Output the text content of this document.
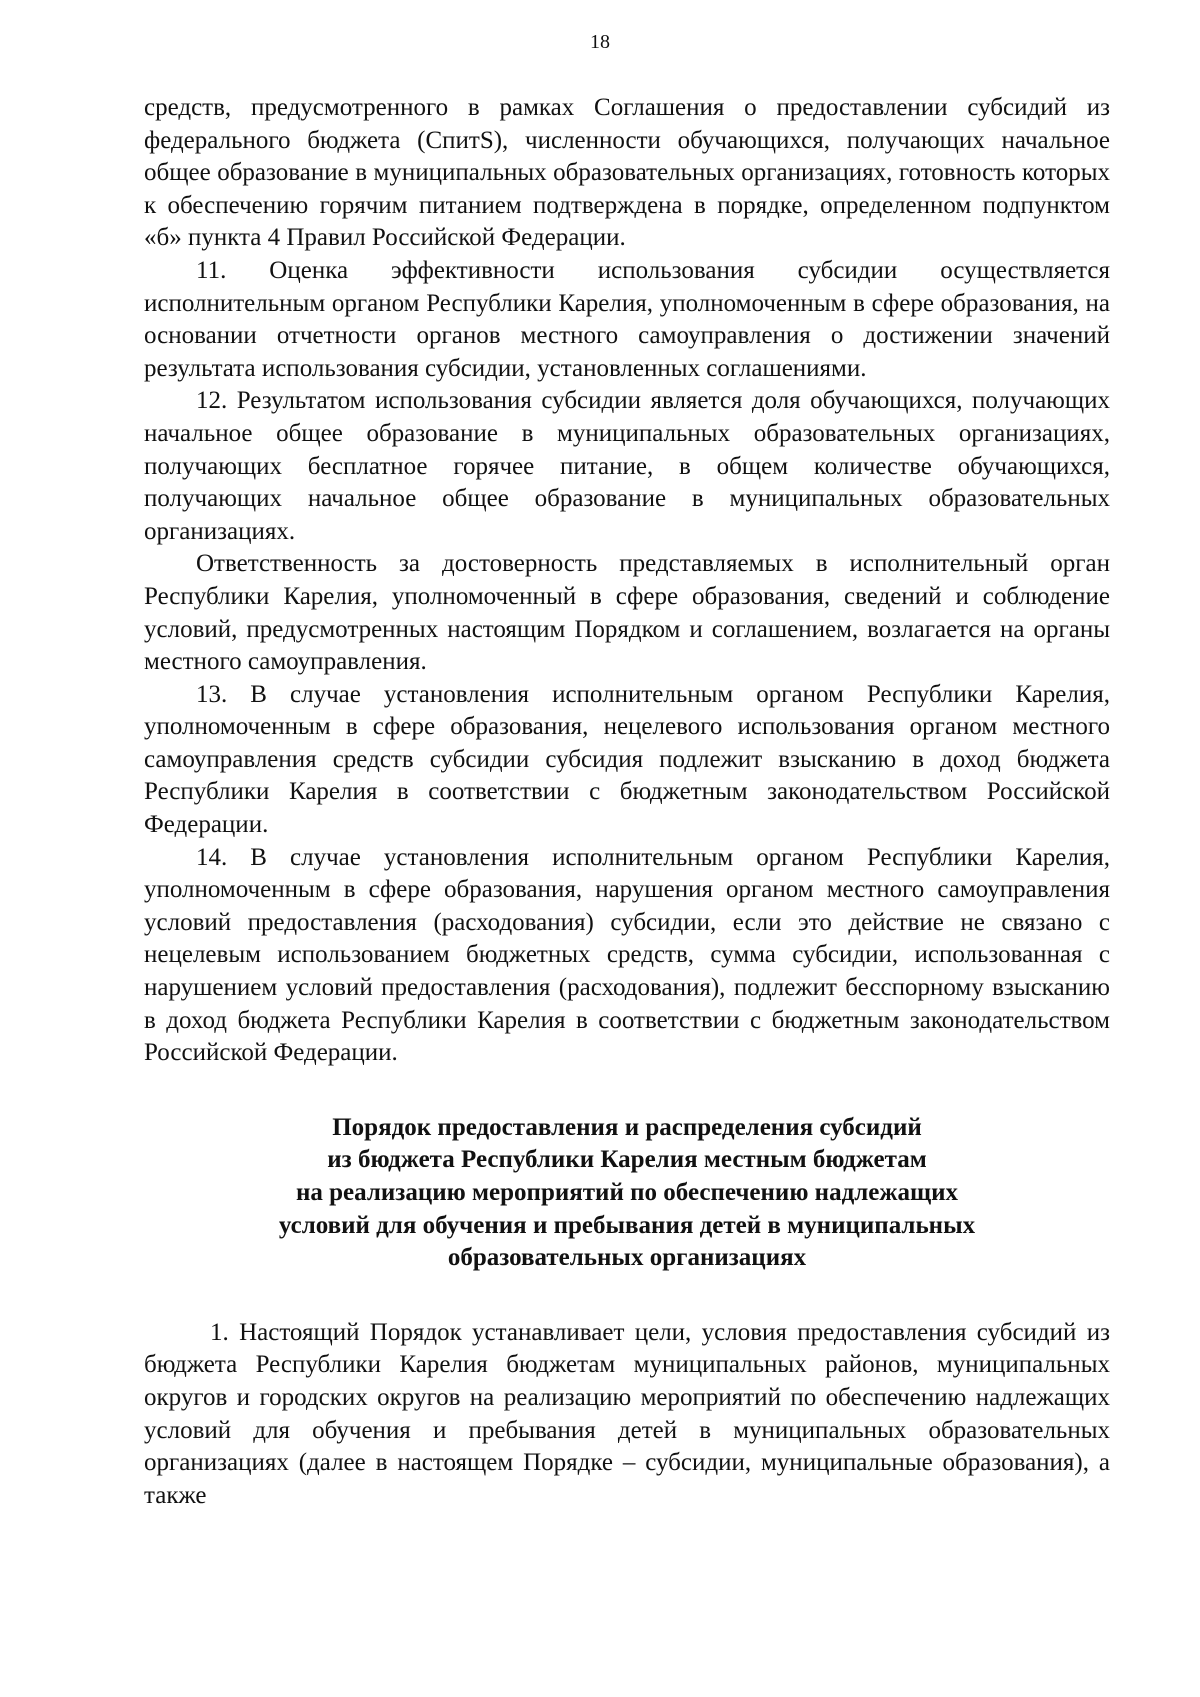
18

средств, предусмотренного в рамках Соглашения о предоставлении субсидий из федерального бюджета (СпитS), численности обучающихся, получающих начальное общее образование в муниципальных образовательных организациях, готовность которых к обеспечению горячим питанием подтверждена в порядке, определенном подпунктом «б» пункта 4 Правил Российской Федерации.

11. Оценка эффективности использования субсидии осуществляется исполнительным органом Республики Карелия, уполномоченным в сфере образования, на основании отчетности органов местного самоуправления о достижении значений результата использования субсидии, установленных соглашениями.

12. Результатом использования субсидии является доля обучающихся, получающих начальное общее образование в муниципальных образовательных организациях, получающих бесплатное горячее питание, в общем количестве обучающихся, получающих начальное общее образование в муниципальных образовательных организациях.

Ответственность за достоверность представляемых в исполнительный орган Республики Карелия, уполномоченный в сфере образования, сведений и соблюдение условий, предусмотренных настоящим Порядком и соглашением, возлагается на органы местного самоуправления.

13. В случае установления исполнительным органом Республики Карелия, уполномоченным в сфере образования, нецелевого использования органом местного самоуправления средств субсидии субсидия подлежит взысканию в доход бюджета Республики Карелия в соответствии с бюджетным законодательством Российской Федерации.

14. В случае установления исполнительным органом Республики Карелия, уполномоченным в сфере образования, нарушения органом местного самоуправления условий предоставления (расходования) субсидии, если это действие не связано с нецелевым использованием бюджетных средств, сумма субсидии, использованная с нарушением условий предоставления (расходования), подлежит бесспорному взысканию в доход бюджета Республики Карелия в соответствии с бюджетным законодательством Российской Федерации.

Порядок предоставления и распределения субсидий
из бюджета Республики Карелия местным бюджетам
на реализацию мероприятий по обеспечению надлежащих
условий для обучения и пребывания детей в муниципальных
образовательных организациях

1. Настоящий Порядок устанавливает цели, условия предоставления субсидий из бюджета Республики Карелия бюджетам муниципальных районов, муниципальных округов и городских округов на реализацию мероприятий по обеспечению надлежащих условий для обучения и пребывания детей в муниципальных образовательных организациях (далее в настоящем Порядке – субсидии, муниципальные образования), а также
